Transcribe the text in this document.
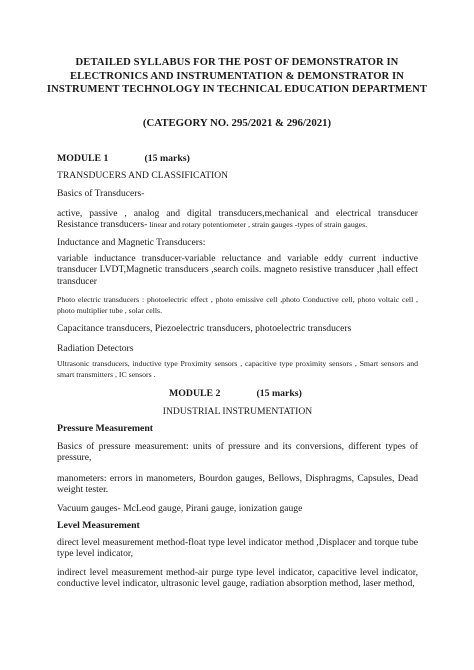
DETAILED SYLLABUS FOR THE POST OF DEMONSTRATOR IN ELECTRONICS AND INSTRUMENTATION & DEMONSTRATOR IN INSTRUMENT TECHNOLOGY IN TECHNICAL EDUCATION DEPARTMENT
(CATEGORY NO. 295/2021 & 296/2021)
MODULE 1	(15 marks)
TRANSDUCERS AND CLASSIFICATION
Basics of Transducers-
active, passive , analog and digital transducers,mechanical and electrical transducer Resistance transducers- linear and rotary potentiometer , strain gauges -types of strain gauges.
Inductance and Magnetic Transducers:
variable inductance transducer-variable reluctance and variable eddy current inductive transducer LVDT,Magnetic transducers ,search coils. magneto resistive transducer ,hall effect transducer
Photo electric transducers : photoelectric effect , photo emissive cell ,photo Conductive cell, photo voltaic cell , photo multiplier tube , solar cells.
Capacitance transducers, Piezoelectric transducers, photoelectric transducers
Radiation Detectors
Ultrasonic transducers, inductive type Proximity sensors , capacitive type proximity sensors , Smart sensors and smart transmitters , IC sensors .
MODULE 2	(15 marks)
INDUSTRIAL INSTRUMENTATION
Pressure Measurement
Basics of pressure measurement: units of pressure and its conversions, different types of pressure,
manometers: errors in manometers, Bourdon gauges, Bellows, Disphragms, Capsules, Dead weight tester.
Vacuum gauges- McLeod gauge, Pirani gauge, ionization gauge
Level Measurement
direct level measurement method-float type level indicator method ,Displacer and torque tube type level indicator,
indirect level measurement method-air purge type level indicator, capacitive level indicator, conductive level indicator, ultrasonic level gauge, radiation absorption method, laser method,
